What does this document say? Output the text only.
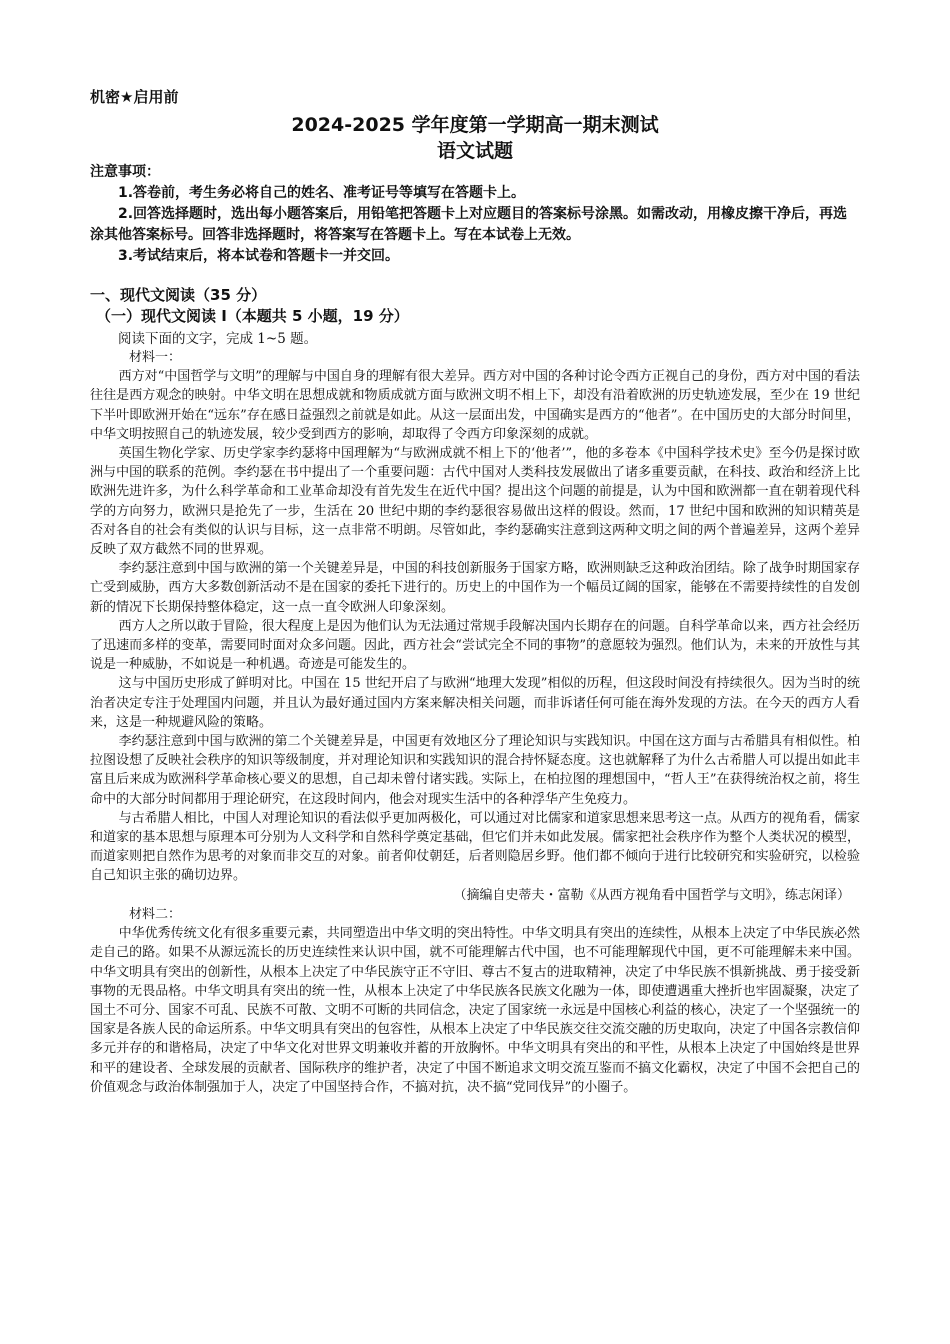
机密★启用前
2024-2025 学年度第一学期高一期末测试
语文试题

注意事项：

1.答卷前，考生务必将自己的姓名、准考证号等填写在答题卡上。

2.回答选择题时，选出每小题答案后，用铅笔把答题卡上对应题目的答案标号涂黑。如需改动，用橡皮擦干净后，再选涂其他答案标号。回答非选择题时，将答案写在答题卡上。写在本试卷上无效。

3.考试结束后，将本试卷和答题卡一并交回。

一、现代文阅读（35 分）
（一）现代文阅读 I（本题共 5 小题，19 分）
阅读下面的文字，完成 1~5 题。

材料一：

西方对“中国哲学与文明”的理解与中国自身的理解有很大差异。西方对中国的各种讨论令西方正视自己的身份，西方对中国的看法往往是西方观念的映射。中华文明在思想成就和物质成就方面与欧洲文明不相上下，却没有沿着欧洲的历史轨迹发展，至少在 19 世纪下半叶即欧洲开始在“远东”存在感日益强烈之前就是如此。从这一层面出发，中国确实是西方的“他者”。在中国历史的大部分时间里，中华文明按照自己的轨迹发展，较少受到西方的影响，却取得了令西方印象深刻的成就。

英国生物化学家、历史学家李约瑟将中国理解为“与欧洲成就不相上下的‘他者’”，他的多卷本《中国科学技术史》至今仍是探讨欧洲与中国的联系的范例。李约瑟在书中提出了一个重要问题：古代中国对人类科技发展做出了诸多重要贡献，在科技、政治和经济上比欧洲先进许多，为什么科学革命和工业革命却没有首先发生在近代中国？提出这个问题的前提是，认为中国和欧洲都一直在朝着现代科学的方向努力，欧洲只是抢先了一步，生活在 20 世纪中期的李约瑟很容易做出这样的假设。然而，17 世纪中国和欧洲的知识精英是否对各自的社会有类似的认识与目标，这一点非常不明朗。尽管如此，李约瑟确实注意到这两种文明之间的两个普遍差异，这两个差异反映了双方截然不同的世界观。

李约瑟注意到中国与欧洲的第一个关键差异是，中国的科技创新服务于国家方略，欧洲则缺乏这种政治团结。除了战争时期国家存亡受到威胁，西方大多数创新活动不是在国家的委托下进行的。历史上的中国作为一个幅员辽阔的国家，能够在不需要持续性的自发创新的情况下长期保持整体稳定，这一点一直令欧洲人印象深刻。

西方人之所以敢于冒险，很大程度上是因为他们认为无法通过常规手段解决国内长期存在的问题。自科学革命以来，西方社会经历了迅速而多样的变革，需要同时面对众多问题。因此，西方社会“尝试完全不同的事物”的意愿较为强烈。他们认为，未来的开放性与其说是一种威胁，不如说是一种机遇。奇迹是可能发生的。

这与中国历史形成了鲜明对比。中国在 15 世纪开启了与欧洲“地理大发现”相似的历程，但这段时间没有持续很久。因为当时的统治者决定专注于处理国内问题，并且认为最好通过国内方案来解决相关问题，而非诉诸任何可能在海外发现的方法。在今天的西方人看来，这是一种规避风险的策略。

李约瑟注意到中国与欧洲的第二个关键差异是，中国更有效地区分了理论知识与实践知识。中国在这方面与古希腊具有相似性。柏拉图设想了反映社会秩序的知识等级制度，并对理论知识和实践知识的混合持怀疑态度。这也就解释了为什么古希腊人可以提出如此丰富且后来成为欧洲科学革命核心要义的思想，自己却未曾付诸实践。实际上，在柏拉图的理想国中，“哲人王”在获得统治权之前，将生命中的大部分时间都用于理论研究，在这段时间内，他会对现实生活中的各种浮华产生免疫力。

与古希腊人相比，中国人对理论知识的看法似乎更加两极化，可以通过对比儒家和道家思想来思考这一点。从西方的视角看，儒家和道家的基本思想与原理本可分别为人文科学和自然科学奠定基础，但它们并未如此发展。儒家把社会秩序作为整个人类状况的模型，而道家则把自然作为思考的对象而非交互的对象。前者仰仗朝廷，后者则隐居乡野。他们都不倾向于进行比较研究和实验研究，以检验自己知识主张的确切边界。

（摘编自史蒂夫・富勒《从西方视角看中国哲学与文明》，练志闲译）

材料二：

中华优秀传统文化有很多重要元素，共同塑造出中华文明的突出特性。中华文明具有突出的连续性，从根本上决定了中华民族必然走自己的路。如果不从源远流长的历史连续性来认识中国，就不可能理解古代中国，也不可能理解现代中国，更不可能理解未来中国。中华文明具有突出的创新性，从根本上决定了中华民族守正不守旧、尊古不复古的进取精神，决定了中华民族不惧新挑战、勇于接受新事物的无畏品格。中华文明具有突出的统一性，从根本上决定了中华民族各民族文化融为一体，即使遭遇重大挫折也牢固凝聚，决定了国土不可分、国家不可乱、民族不可散、文明不可断的共同信念，决定了国家统一永远是中国核心利益的核心，决定了一个坚强统一的国家是各族人民的命运所系。中华文明具有突出的包容性，从根本上决定了中华民族交往交流交融的历史取向，决定了中国各宗教信仰多元并存的和谐格局，决定了中华文化对世界文明兼收并蓄的开放胸怀。中华文明具有突出的和平性，从根本上决定了中国始终是世界和平的建设者、全球发展的贡献者、国际秩序的维护者，决定了中国不断追求文明交流互鉴而不搞文化霸权，决定了中国不会把自己的价值观念与政治体制强加于人，决定了中国坚持合作，不搞对抗，决不搞“党同伐异”的小圈子。
